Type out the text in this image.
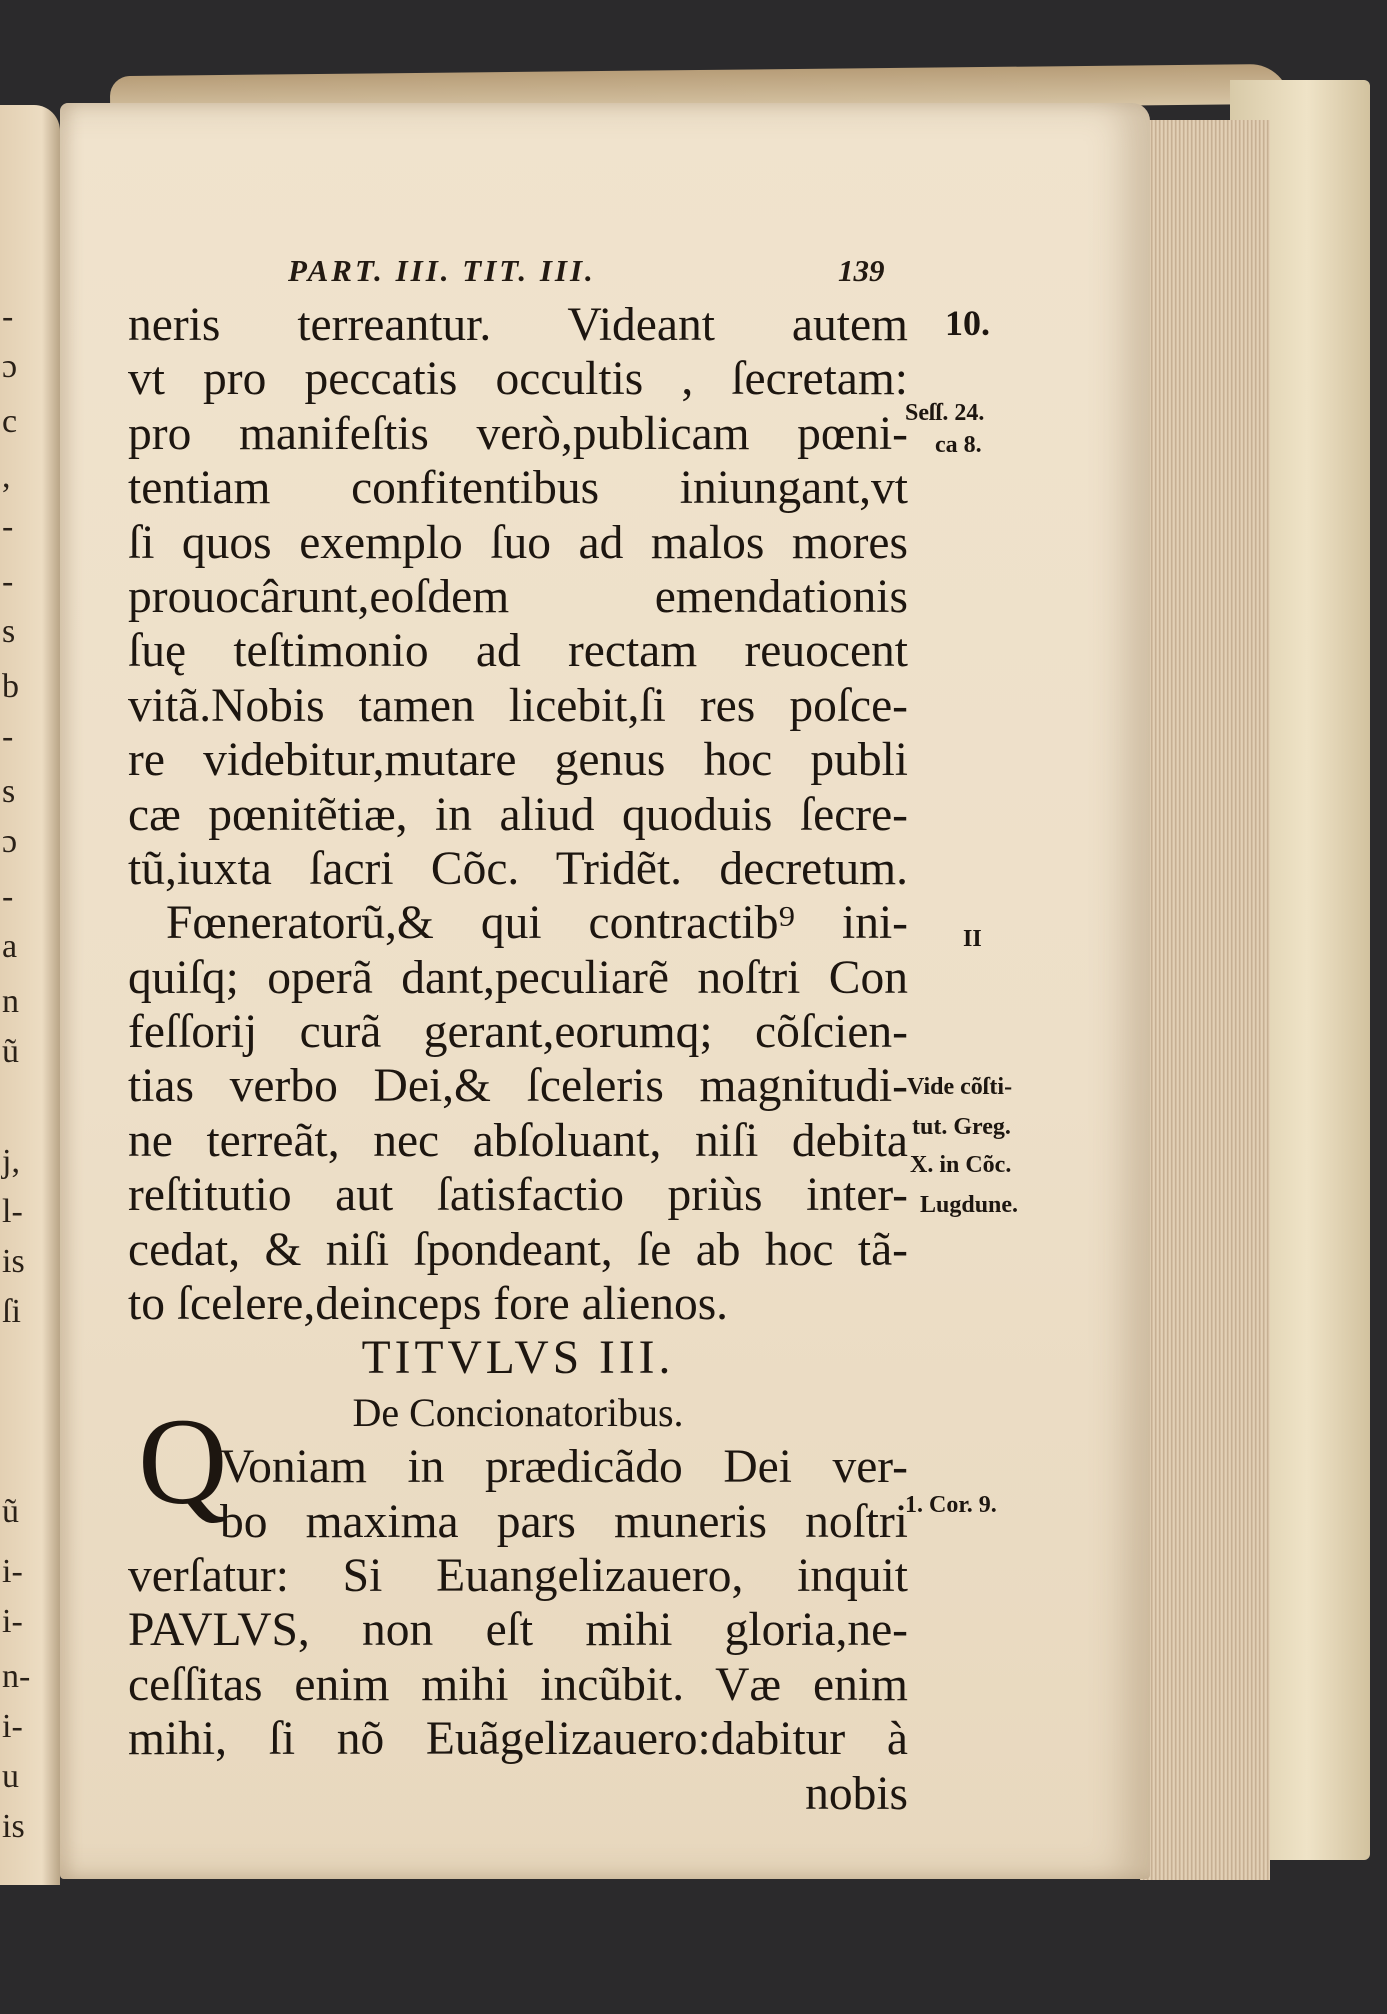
-
ɔ
c
,
-
-
s
b
-
s
ɔ
-
a
n
ũ
j,
l-
is
ſi
ũ
i-
i-
n-
i-
u
is
PART. III. TIT. III.	139
neris terreantur. Videant autem
vt pro peccatis occultis , ſecretam:
pro manifeſtis verò,publicam pœni-
tentiam confitentibus iniungant,vt
ſi quos exemplo ſuo ad malos mores
prouocârunt,eoſdem emendationis
ſuę teſtimonio ad rectam reuocent
vitã.Nobis tamen licebit,ſi res poſce-
re videbitur,mutare genus hoc publi
cæ pœnitẽtiæ, in aliud quoduis ſecre-
tũ,iuxta ſacri Cõc. Tridẽt. decretum.
Fœneratorũ,& qui contractib⁹ ini-
quiſq; operã dant,peculiarẽ noſtri Con
feſſorij curã gerant,eorumq; cõſcien-
tias verbo Dei,& ſceleris magnitudi-
ne terreãt, nec abſoluant, niſi debita
reſtitutio aut ſatisfactio priùs inter-
cedat, & niſi ſpondeant, ſe ab hoc tã-
to ſcelere,deinceps fore alienos.
TITVLVS III.
De Concionatoribus.
Voniam in prædicãdo Dei ver-
bo maxima pars muneris noſtri
verſatur: Si Euangelizauero, inquit
PAVLVS, non eſt mihi gloria,ne-
ceſſitas enim mihi incũbit. Væ enim
mihi, ſi nõ Euãgelizauero:dabitur à
nobis
Q
10.
Seſſ. 24.
ca 8.
II
Vide cõſti-
tut. Greg.
X. in Cõc.
Lugdune.
1. Cor. 9.
